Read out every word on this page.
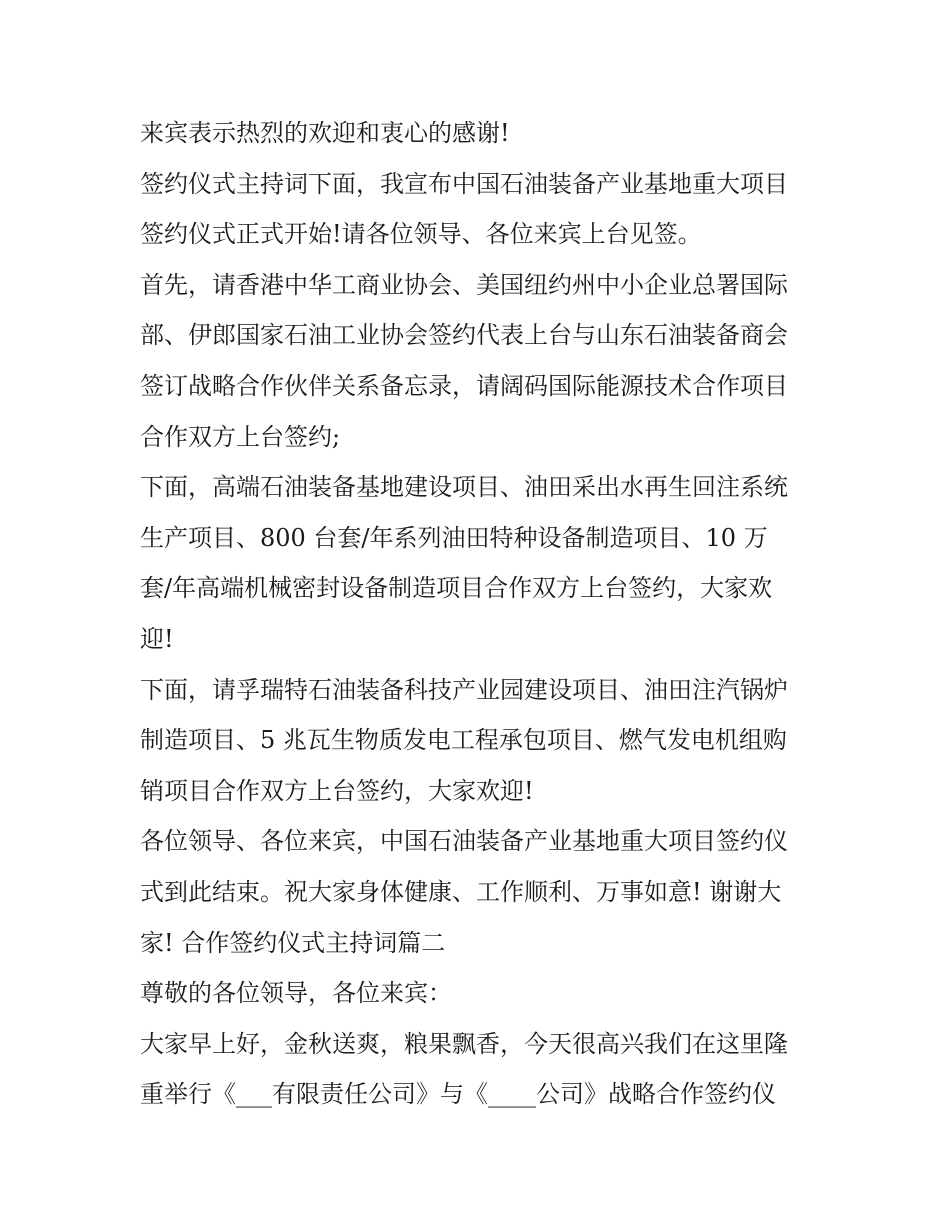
来宾表示热烈的欢迎和衷心的感谢!
签约仪式主持词下面，我宣布中国石油装备产业基地重大项目
签约仪式正式开始!请各位领导、各位来宾上台见签。
首先，请香港中华工商业协会、美国纽约州中小企业总署国际
部、伊郎国家石油工业协会签约代表上台与山东石油装备商会
签订战略合作伙伴关系备忘录，请阔码国际能源技术合作项目
合作双方上台签约;
下面，高端石油装备基地建设项目、油田采出水再生回注系统
生产项目、800 台套/年系列油田特种设备制造项目、10 万
套/年高端机械密封设备制造项目合作双方上台签约，大家欢
迎!
下面，请孚瑞特石油装备科技产业园建设项目、油田注汽锅炉
制造项目、5 兆瓦生物质发电工程承包项目、燃气发电机组购
销项目合作双方上台签约，大家欢迎!
各位领导、各位来宾，中国石油装备产业基地重大项目签约仪
式到此结束。祝大家身体健康、工作顺利、万事如意! 谢谢大
家! 合作签约仪式主持词篇二
尊敬的各位领导，各位来宾：
大家早上好，金秋送爽，粮果飘香，今天很高兴我们在这里隆
重举行《___有限责任公司》与《____公司》战略合作签约仪
